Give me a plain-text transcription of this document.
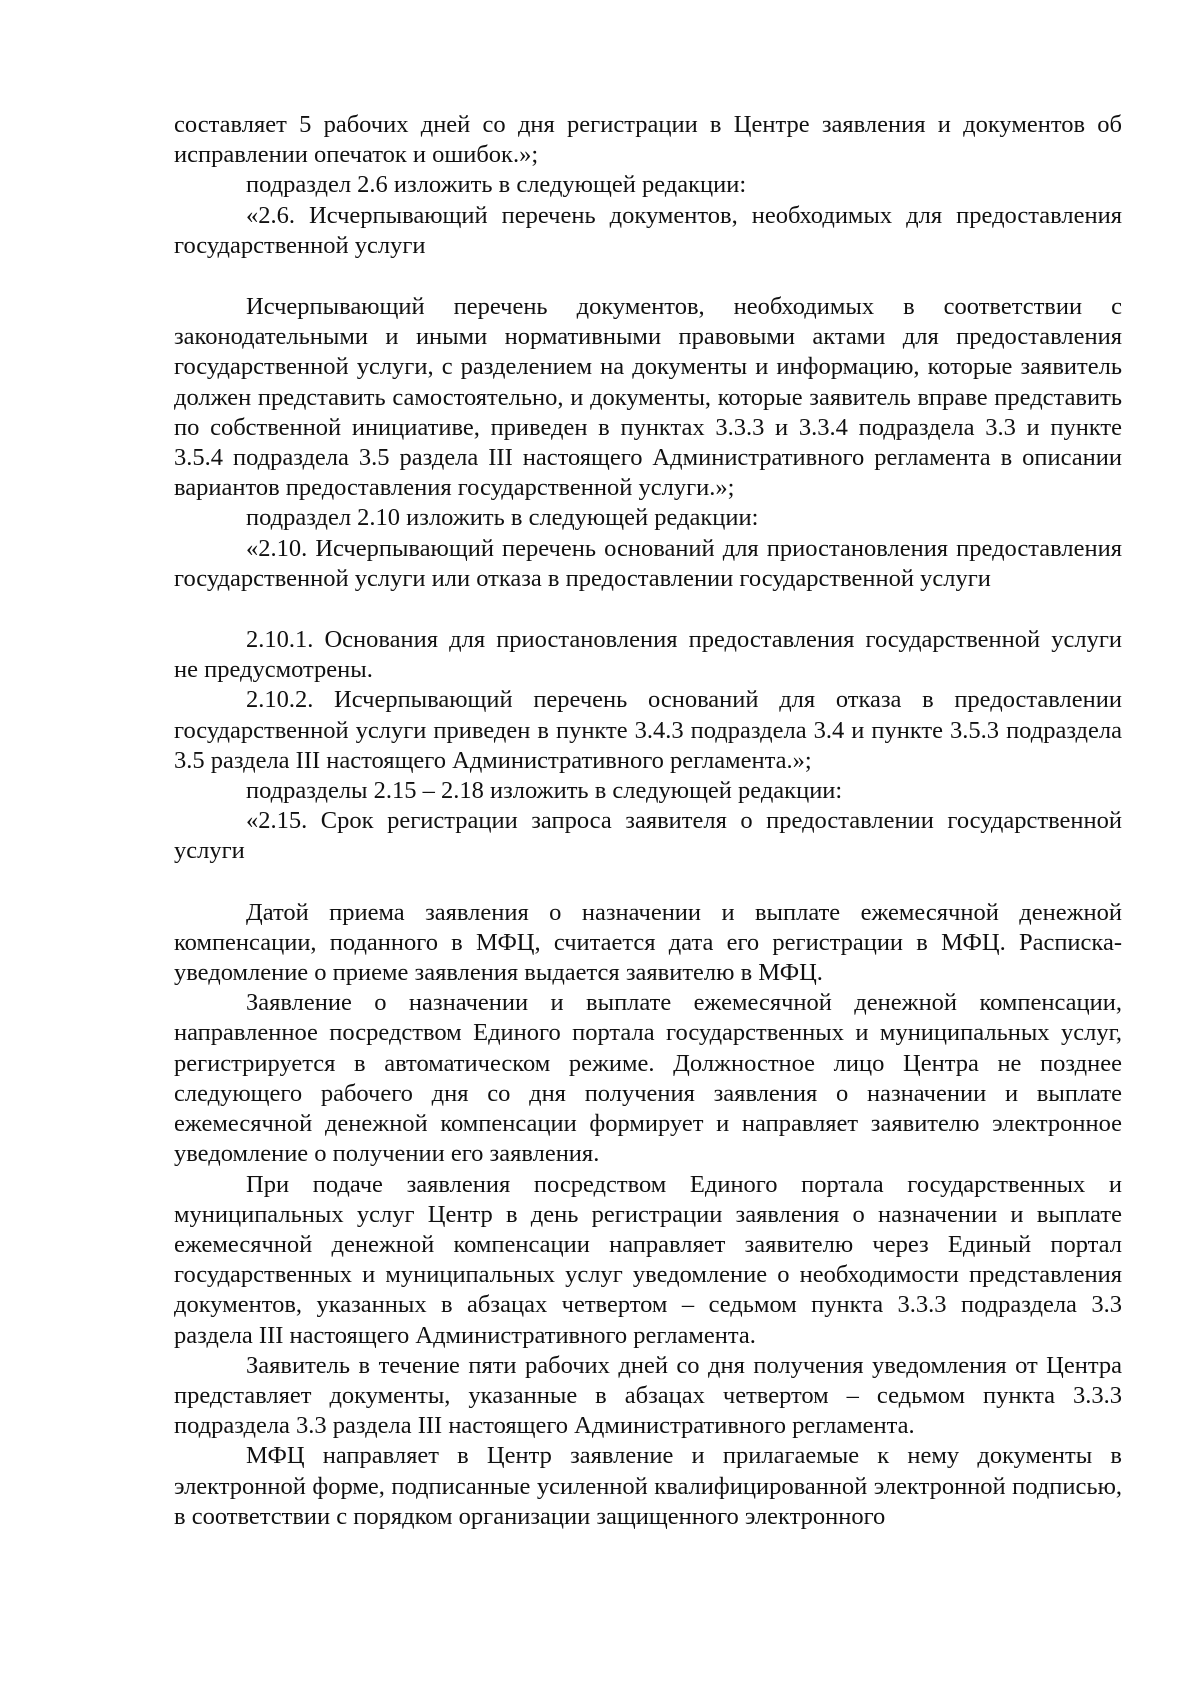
составляет 5 рабочих дней со дня регистрации в Центре заявления и документов об исправлении опечаток и ошибок.»;

подраздел 2.6 изложить в следующей редакции:

«2.6. Исчерпывающий перечень документов, необходимых для предоставления государственной услуги

Исчерпывающий перечень документов, необходимых в соответствии с законодательными и иными нормативными правовыми актами для предоставления государственной услуги, с разделением на документы и информацию, которые заявитель должен представить самостоятельно, и документы, которые заявитель вправе представить по собственной инициативе, приведен в пунктах 3.3.3 и 3.3.4 подраздела 3.3 и пункте 3.5.4 подраздела 3.5 раздела III настоящего Административного регламента в описании вариантов предоставления государственной услуги.»;

подраздел 2.10 изложить в следующей редакции:

«2.10. Исчерпывающий перечень оснований для приостановления предоставления государственной услуги или отказа в предоставлении государственной услуги

2.10.1. Основания для приостановления предоставления государственной услуги не предусмотрены.

2.10.2. Исчерпывающий перечень оснований для отказа в предоставлении государственной услуги приведен в пункте 3.4.3 подраздела 3.4 и пункте 3.5.3 подраздела 3.5 раздела III настоящего Административного регламента.»;

подразделы 2.15 – 2.18 изложить в следующей редакции:

«2.15. Срок регистрации запроса заявителя о предоставлении государственной услуги

Датой приема заявления о назначении и выплате ежемесячной денежной компенсации, поданного в МФЦ, считается дата его регистрации в МФЦ. Расписка-уведомление о приеме заявления выдается заявителю в МФЦ.

Заявление о назначении и выплате ежемесячной денежной компенсации, направленное посредством Единого портала государственных и муниципальных услуг, регистрируется в автоматическом режиме. Должностное лицо Центра не позднее следующего рабочего дня со дня получения заявления о назначении и выплате ежемесячной денежной компенсации формирует и направляет заявителю электронное уведомление о получении его заявления.

При подаче заявления посредством Единого портала государственных и муниципальных услуг Центр в день регистрации заявления о назначении и выплате ежемесячной денежной компенсации направляет заявителю через Единый портал государственных и муниципальных услуг уведомление о необходимости представления документов, указанных в абзацах четвертом – седьмом пункта 3.3.3 подраздела 3.3 раздела III настоящего Административного регламента.

Заявитель в течение пяти рабочих дней со дня получения уведомления от Центра представляет документы, указанные в абзацах четвертом – седьмом пункта 3.3.3 подраздела 3.3 раздела III настоящего Административного регламента.

МФЦ направляет в Центр заявление и прилагаемые к нему документы в электронной форме, подписанные усиленной квалифицированной электронной подписью, в соответствии с порядком организации защищенного электронного
